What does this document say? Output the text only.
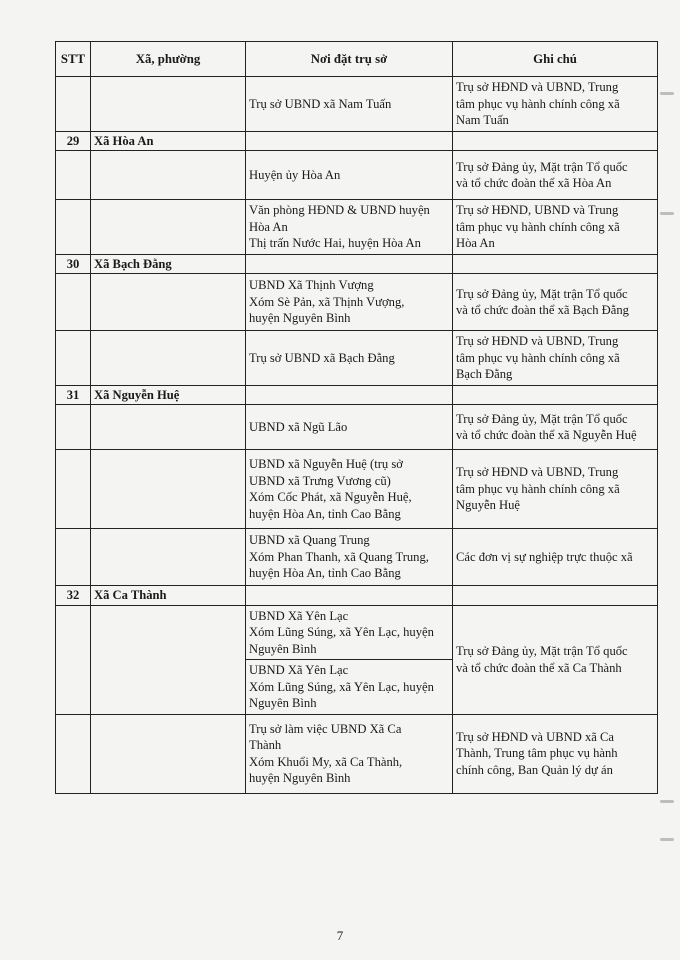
STT	Xã, phường	Nơi đặt trụ sở	Ghi chú

		Trụ sở UBND xã Nam Tuấn	Trụ sở HĐND và UBND, Trung
tâm phục vụ hành chính công xã
Nam Tuấn

29	Xã Hòa An		

		Huyện ủy Hòa An	Trụ sở Đảng ủy, Mặt trận Tổ quốc
và tổ chức đoàn thể xã Hòa An

		Văn phòng HĐND & UBND huyện
Hòa An
Thị trấn Nước Hai, huyện Hòa An	Trụ sở HĐND, UBND và Trung
tâm phục vụ hành chính công xã
Hòa An

30	Xã Bạch Đằng		

		UBND Xã Thịnh Vượng
Xóm Sè Pản, xã Thịnh Vượng,
huyện Nguyên Bình	Trụ sở Đảng ủy, Mặt trận Tổ quốc
và tổ chức đoàn thể xã Bạch Đằng

		Trụ sở UBND xã Bạch Đằng	Trụ sở HĐND và UBND, Trung
tâm phục vụ hành chính công xã
Bạch Đằng

31	Xã Nguyễn Huệ		

		UBND xã Ngũ Lão	Trụ sở Đảng ủy, Mặt trận Tổ quốc
và tổ chức đoàn thể xã Nguyễn Huệ

		UBND xã Nguyễn Huệ (trụ sở
UBND xã Trưng Vương cũ)
Xóm Cốc Phát, xã Nguyễn Huệ,
huyện Hòa An, tỉnh Cao Bằng	Trụ sở HĐND và UBND, Trung
tâm phục vụ hành chính công xã
Nguyễn Huệ

		UBND xã Quang Trung
Xóm Phan Thanh, xã Quang Trung,
huyện Hòa An, tỉnh Cao Bằng	Các đơn vị sự nghiệp trực thuộc xã

32	Xã Ca Thành		

		UBND Xã Yên Lạc
Xóm Lũng Súng, xã Yên Lạc, huyện
Nguyên Bình	Trụ sở Đảng ủy, Mặt trận Tổ quốc
và tổ chức đoàn thể xã Ca Thành

		UBND Xã Yên Lạc
Xóm Lũng Súng, xã Yên Lạc, huyện
Nguyên Bình	

		Trụ sở làm việc UBND Xã Ca
Thành
Xóm Khuổi My, xã Ca Thành,
huyện Nguyên Bình	Trụ sở HĐND và UBND xã Ca
Thành, Trung tâm phục vụ hành
chính công, Ban Quản lý dự án
7
